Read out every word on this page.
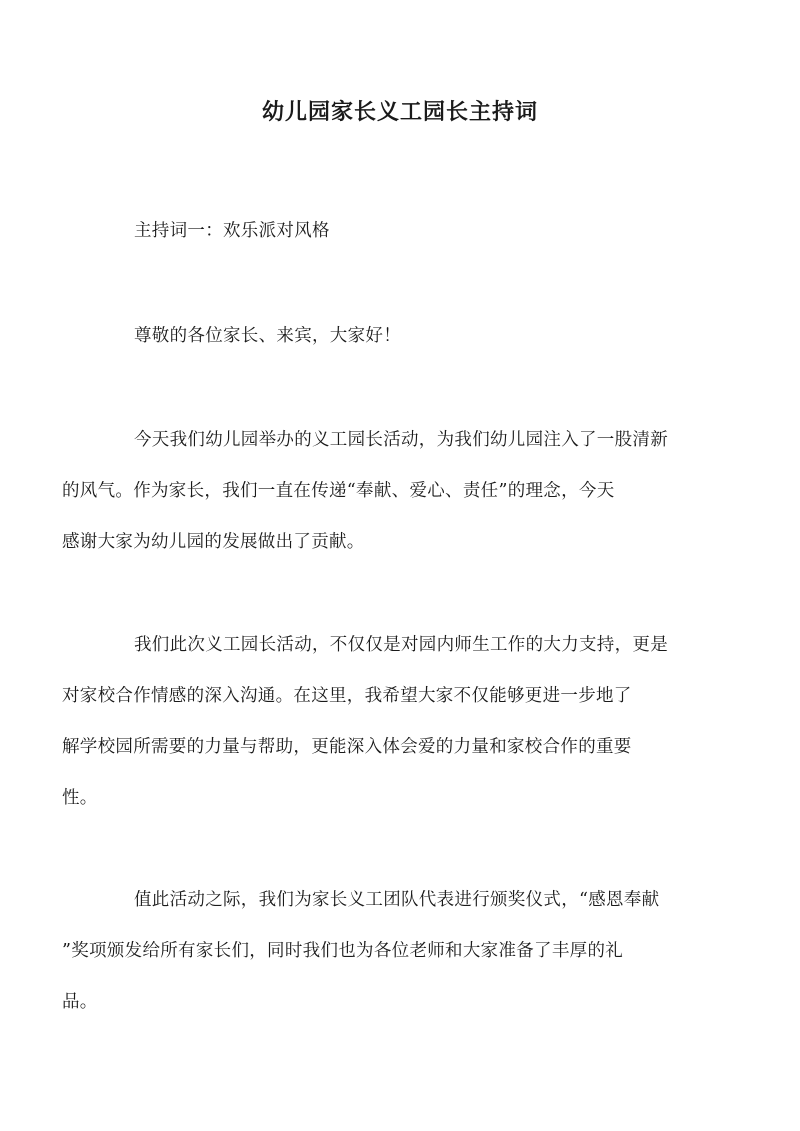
幼儿园家长义工园长主持词

主持词一：欢乐派对风格

尊敬的各位家长、来宾，大家好！

今天我们幼儿园举办的义工园长活动，为我们幼儿园注入了一股清新
的风气。作为家长，我们一直在传递“奉献、爱心、责任”的理念，今天
感谢大家为幼儿园的发展做出了贡献。

我们此次义工园长活动，不仅仅是对园内师生工作的大力支持，更是
对家校合作情感的深入沟通。在这里，我希望大家不仅能够更进一步地了
解学校园所需要的力量与帮助，更能深入体会爱的力量和家校合作的重要
性。

值此活动之际，我们为家长义工团队代表进行颁奖仪式，“感恩奉献
”奖项颁发给所有家长们，同时我们也为各位老师和大家准备了丰厚的礼
品。
